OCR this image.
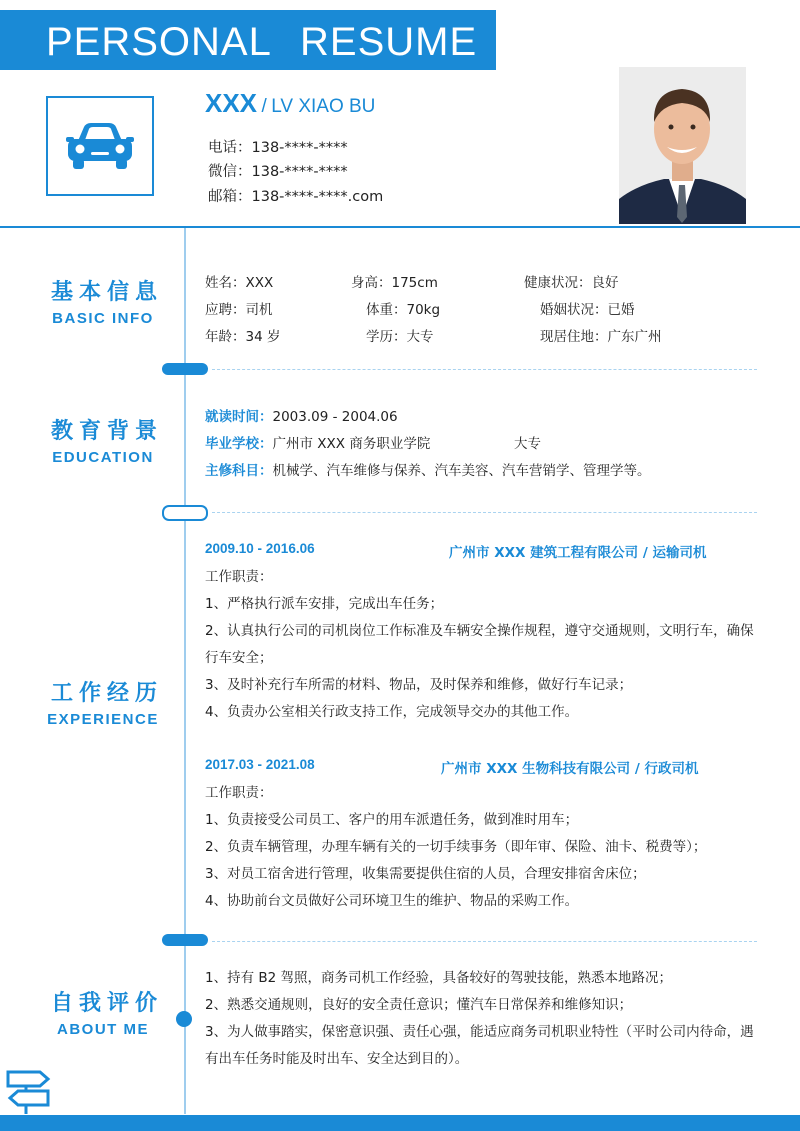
PERSONAL RESUME
XXX / LV XIAO BU
电话：138-****-****
微信：138-****-****
邮箱：138-****-****.com
基本信息
BASIC INFO
姓名：XXX	身高：175cm	健康状况：良好
应聘：司机	体重：70kg	婚姻状况：已婚
年龄：34 岁	学历：大专	现居住地：广东广州
教育背景
EDUCATION
就读时间：2003.09 - 2004.06
毕业学校：广州市 XXX 商务职业学院	大专
主修科目：机械学、汽车维修与保养、汽车美容、汽车营销学、管理学等。
工作经历
EXPERIENCE
2009.10 - 2016.06	广州市 XXX 建筑工程有限公司 / 运输司机

工作职责：

1、严格执行派车安排，完成出车任务；

2、认真执行公司的司机岗位工作标准及车辆安全操作规程，遵守交通规则，文明行车，确保行车安全；

3、及时补充行车所需的材料、物品，及时保养和维修，做好行车记录；

4、负责办公室相关行政支持工作，完成领导交办的其他工作。

2017.03 - 2021.08	广州市 XXX 生物科技有限公司 / 行政司机

工作职责：

1、负责接受公司员工、客户的用车派遣任务，做到准时用车；

2、负责车辆管理，办理车辆有关的一切手续事务（即年审、保险、油卡、税费等）；

3、对员工宿舍进行管理，收集需要提供住宿的人员，合理安排宿舍床位；

4、协助前台文员做好公司环境卫生的维护、物品的采购工作。

自我评价
ABOUT ME

1、持有 B2 驾照，商务司机工作经验，具备较好的驾驶技能，熟悉本地路况；

2、熟悉交通规则，良好的安全责任意识；懂汽车日常保养和维修知识；

3、为人做事踏实，保密意识强、责任心强，能适应商务司机职业特性（平时公司内待命，遇有出车任务时能及时出车、安全达到目的）。
